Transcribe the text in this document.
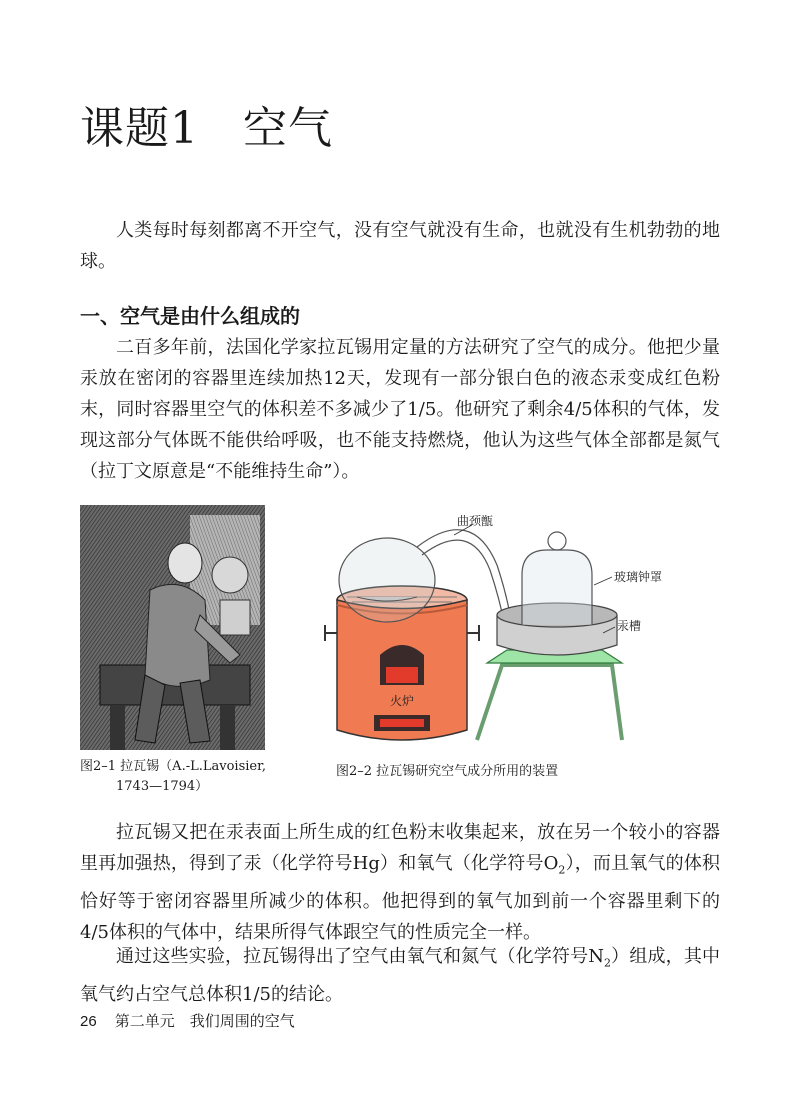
课题1 空气

人类每时每刻都离不开空气，没有空气就没有生命，也就没有生机勃勃的地球。

一、空气是由什么组成的

二百多年前，法国化学家拉瓦锡用定量的方法研究了空气的成分。他把少量汞放在密闭的容器里连续加热12天，发现有一部分银白色的液态汞变成红色粉末，同时容器里空气的体积差不多减少了1/5。他研究了剩余4/5体积的气体，发现这部分气体既不能供给呼吸，也不能支持燃烧，他认为这些气体全部都是氮气（拉丁文原意是“不能维持生命”）。

火炉
曲颈甑
玻璃钟罩
汞槽
图2–1 拉瓦锡（A.-L.Lavoisier,
1743—1794）
图2–2 拉瓦锡研究空气成分所用的装置

拉瓦锡又把在汞表面上所生成的红色粉末收集起来，放在另一个较小的容器里再加强热，得到了汞（化学符号Hg）和氧气（化学符号$O_2$），而且氧气的体积恰好等于密闭容器里所减少的体积。他把得到的氧气加到前一个容器里剩下的4/5体积的气体中，结果所得气体跟空气的性质完全一样。

通过这些实验，拉瓦锡得出了空气由氧气和氮气（化学符号$N_2$）组成，其中氧气约占空气总体积1/5的结论。

26 第二单元　我们周围的空气
